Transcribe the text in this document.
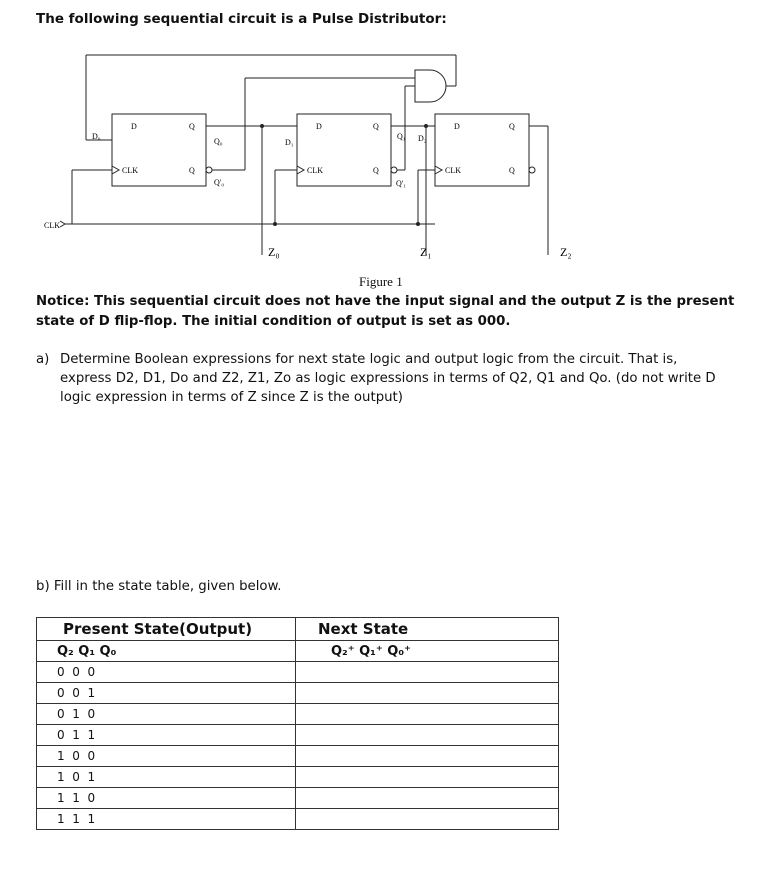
The following sequential circuit is a Pulse Distributor:
CLK
D	Q
CLK	Q
D₀
Q₀
Q'₀
D	Q
CLK	Q
D₁
Q₁
Q'₁
D	Q
CLK	Q
D₂
Z₀	Z₁	Z₂
Figure 1
Notice: This sequential circuit does not have the input signal and the output Z is the present state of D flip-flop. The initial condition of output is set as 000.
a) Determine Boolean expressions for next state logic and output logic from the circuit. That is, express D2, D1, Do and Z2, Z1, Zo as logic expressions in terms of Q2, Q1 and Qo. (do not write D logic expression in terms of Z since Z is the output)
b) Fill in the state table, given below.
Present State(Output)	Next State
Q₂ Q₁ Q₀	Q₂⁺ Q₁⁺ Q₀⁺
0  0  0	
0  0  1	
0  1  0	
0  1  1	
1  0  0	
1  0  1	
1  1  0	
1  1  1	
